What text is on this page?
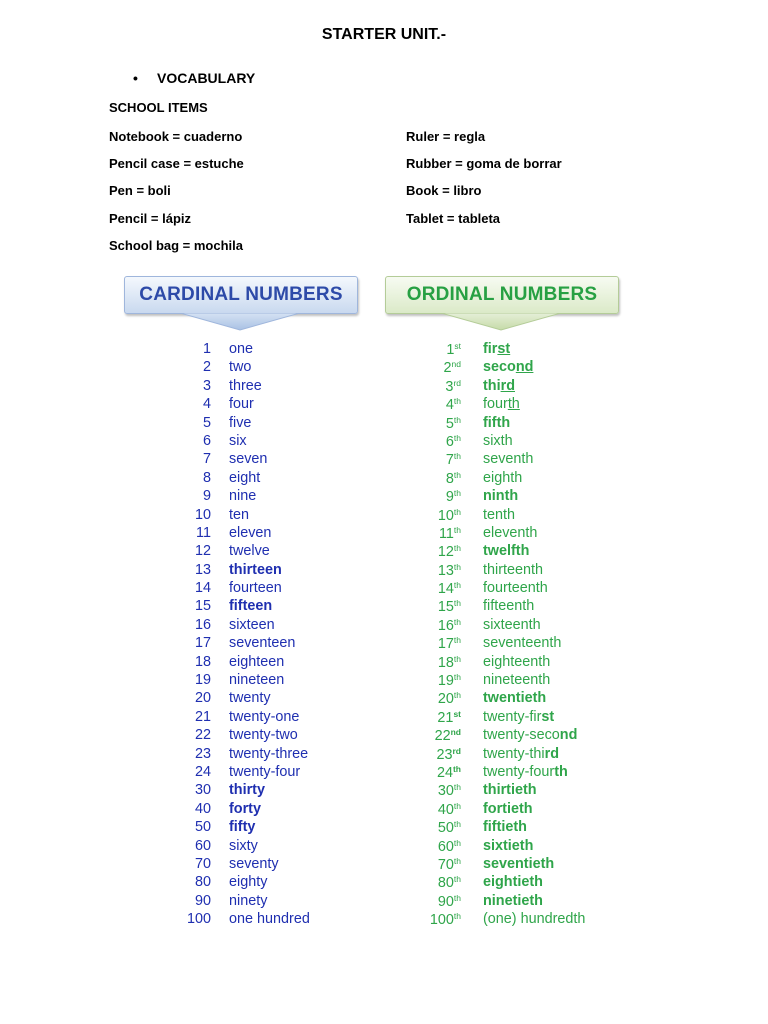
STARTER UNIT.-
• VOCABULARY
SCHOOL ITEMS
Notebook = cuaderno
Pencil case = estuche
Pen = boli
Pencil = lápiz
School bag = mochila
Ruler = regla
Rubber = goma de borrar
Book = libro
Tablet = tableta
CARDINAL NUMBERS	ORDINAL NUMBERS
1 one	1st first
2 two	2nd second
3 three	3rd third
4 four	4th fourth
5 five	5th fifth
6 six	6th sixth
7 seven	7th seventh
8 eight	8th eighth
9 nine	9th ninth
10 ten	10th tenth
11 eleven	11th eleventh
12 twelve	12th twelfth
13 thirteen	13th thirteenth
14 fourteen	14th fourteenth
15 fifteen	15th fifteenth
16 sixteen	16th sixteenth
17 seventeen	17th seventeenth
18 eighteen	18th eighteenth
19 nineteen	19th nineteenth
20 twenty	20th twentieth
21 twenty-one	21st twenty-first
22 twenty-two	22nd twenty-second
23 twenty-three	23rd twenty-third
24 twenty-four	24th twenty-fourth
30 thirty	30th thirtieth
40 forty	40th fortieth
50 fifty	50th fiftieth
60 sixty	60th sixtieth
70 seventy	70th seventieth
80 eighty	80th eightieth
90 ninety	90th ninetieth
100 one hundred	100th (one) hundredth
